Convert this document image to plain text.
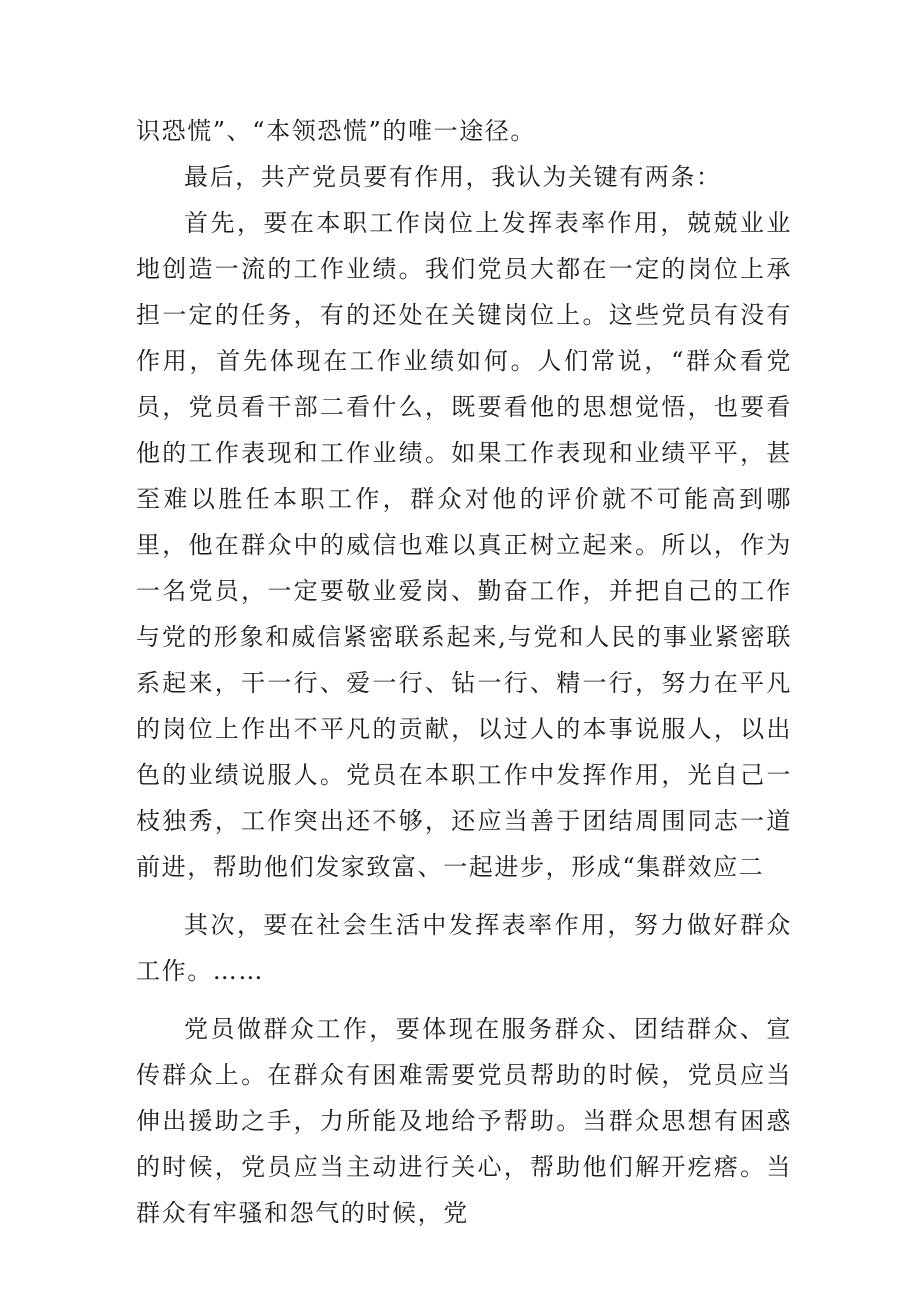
识恐慌”、“本领恐慌”的唯一途径。

最后，共产党员要有作用，我认为关键有两条：

首先，要在本职工作岗位上发挥表率作用，兢兢业业地创造一流的工作业绩。我们党员大都在一定的岗位上承担一定的任务，有的还处在关键岗位上。这些党员有没有作用，首先体现在工作业绩如何。人们常说，“群众看党员，党员看干部二看什么，既要看他的思想觉悟，也要看他的工作表现和工作业绩。如果工作表现和业绩平平，甚至难以胜任本职工作，群众对他的评价就不可能高到哪里，他在群众中的威信也难以真正树立起来。所以，作为一名党员，一定要敬业爱岗、勤奋工作，并把自己的工作与党的形象和威信紧密联系起来,与党和人民的事业紧密联系起来，干一行、爱一行、钻一行、精一行，努力在平凡的岗位上作出不平凡的贡献，以过人的本事说服人，以出色的业绩说服人。党员在本职工作中发挥作用，光自己一枝独秀，工作突出还不够，还应当善于团结周围同志一道前进，帮助他们发家致富、一起进步，形成“集群效应二

其次，要在社会生活中发挥表率作用，努力做好群众工作。……

党员做群众工作，要体现在服务群众、团结群众、宣传群众上。在群众有困难需要党员帮助的时候，党员应当伸出援助之手，力所能及地给予帮助。当群众思想有困惑的时候，党员应当主动进行关心，帮助他们解开疙瘩。当群众有牢骚和怨气的时候，党
